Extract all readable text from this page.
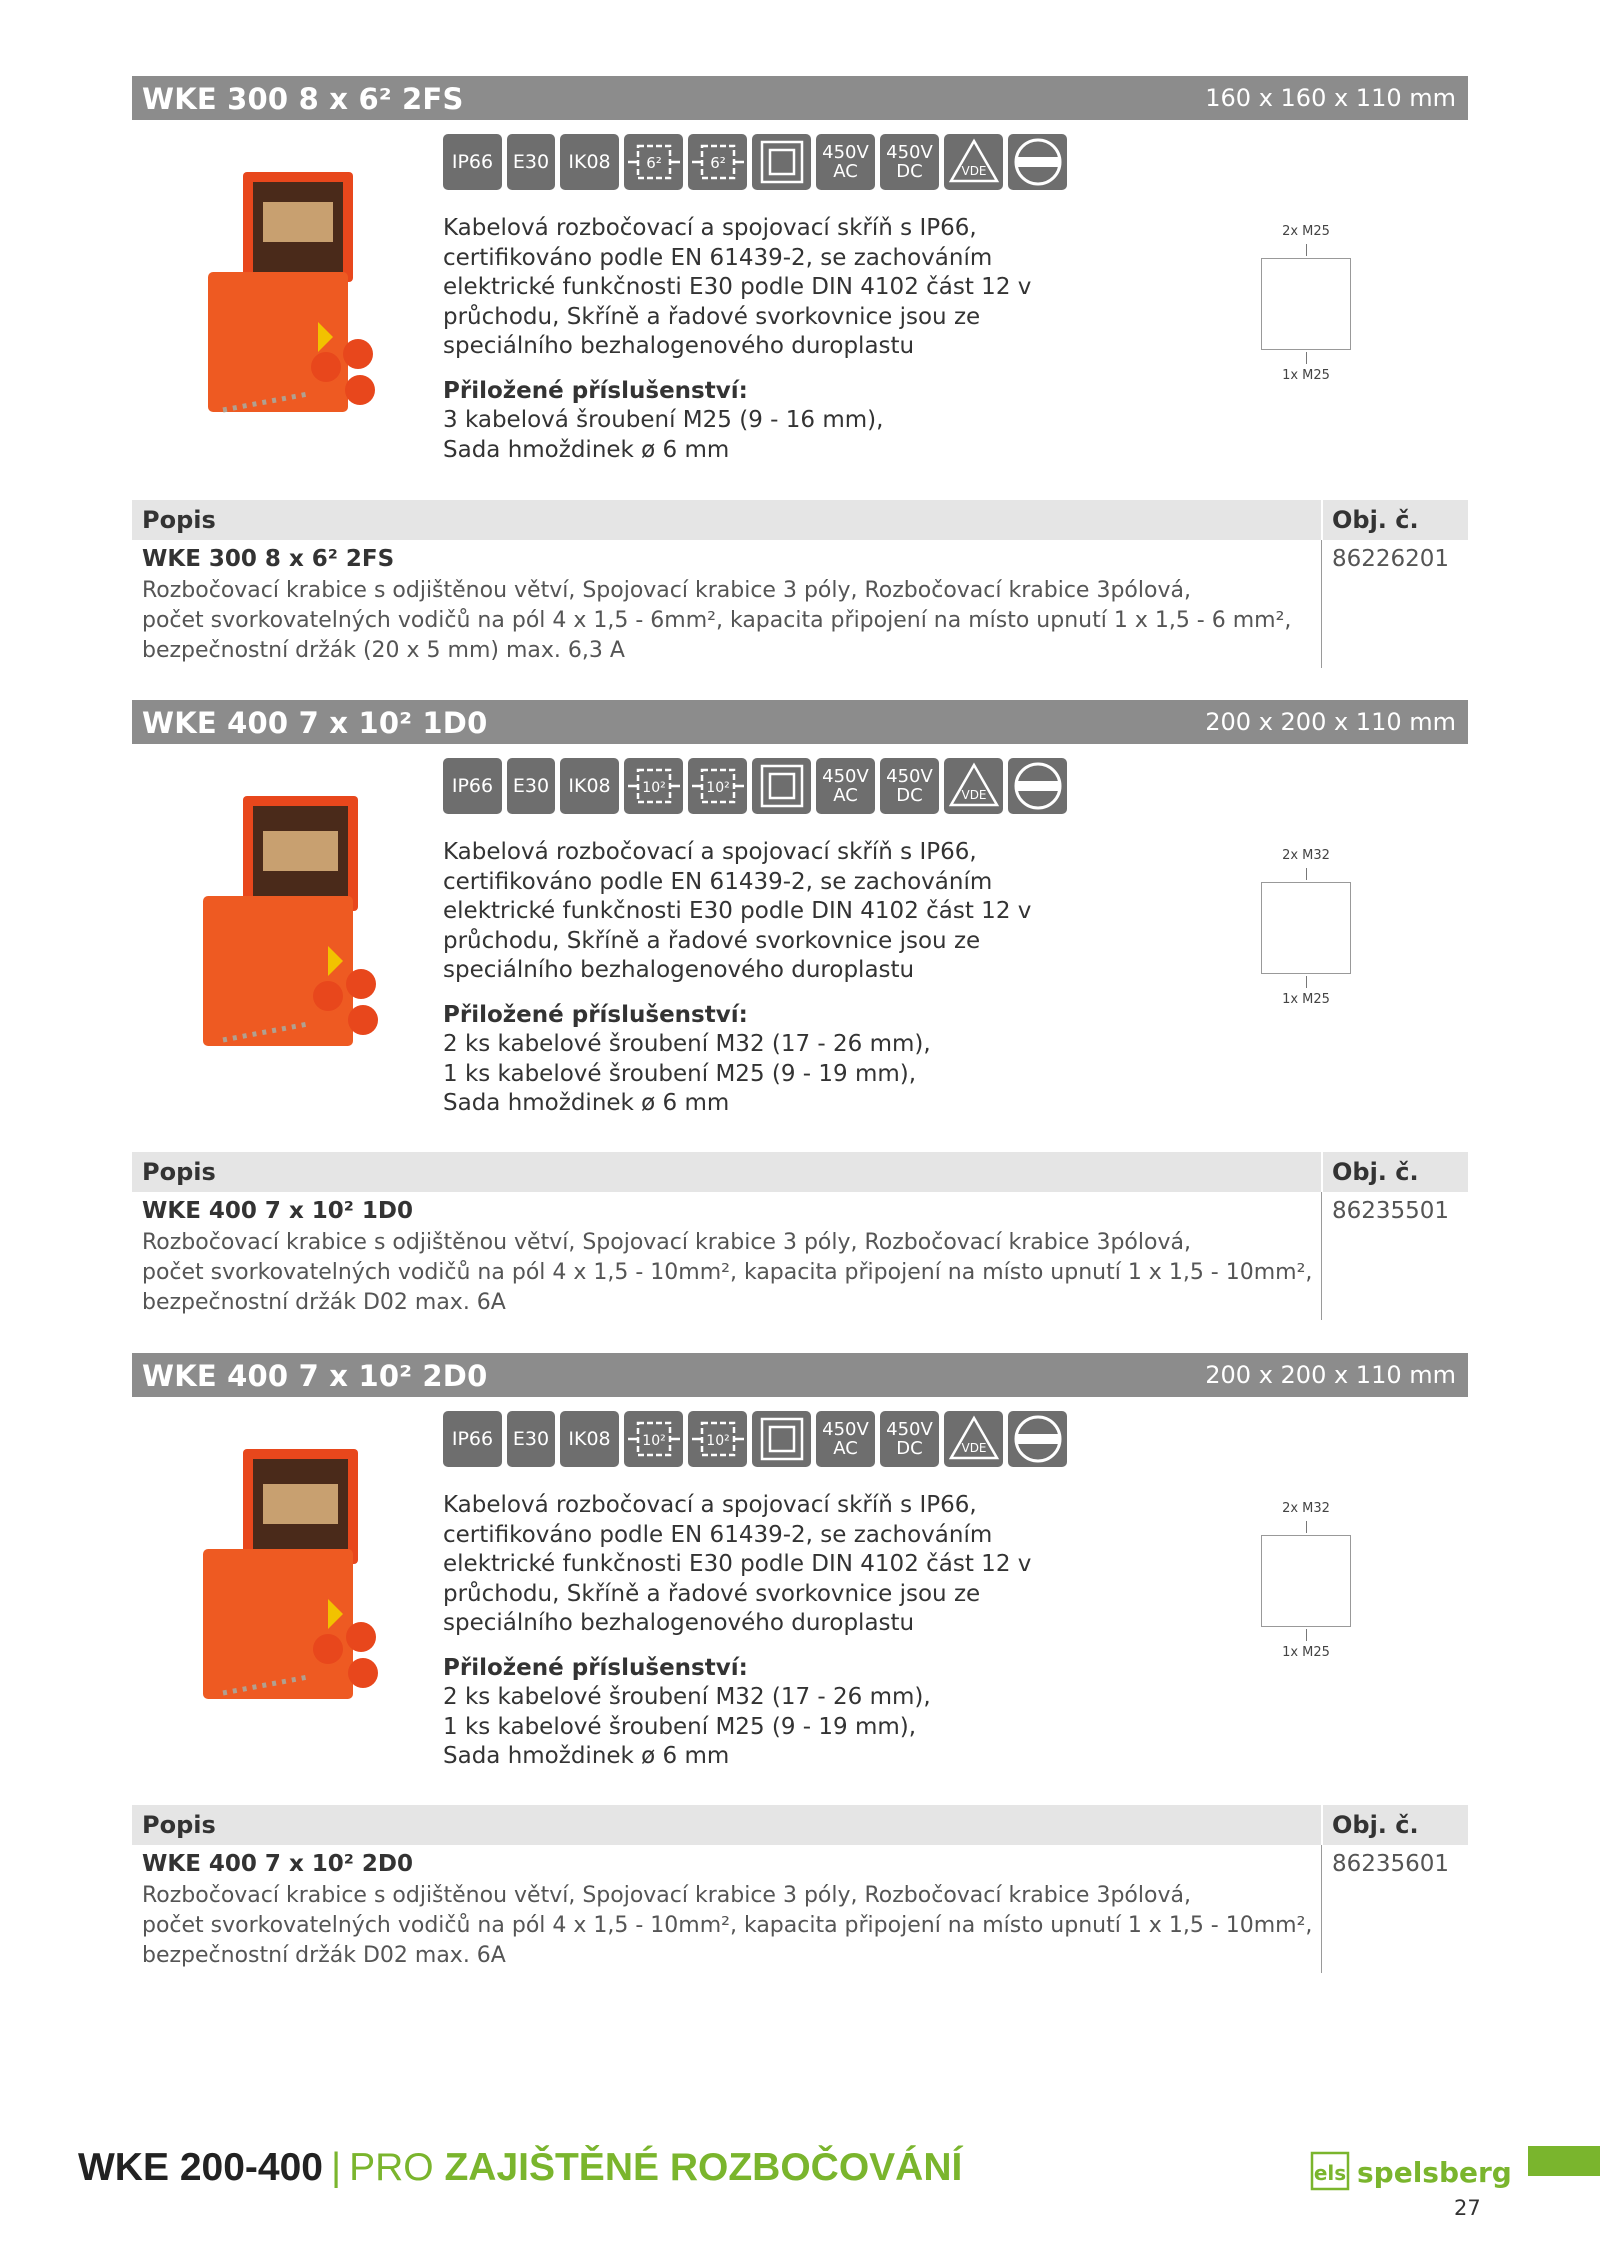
WKE 300 8 x 6² 2FS	160 x 160 x 110 mm
IP66	E30	IK08	6²	6²	450V
AC
450V
DC	VDE
Kabelová rozbočovací a spojovací skříň s IP66,
certifikováno podle EN 61439-2, se zachováním
elektrické funkčnosti E30 podle DIN 4102 část 12 v
průchodu, Skříně a řadové svorkovnice jsou ze
speciálního bezhalogenového duroplastu
Přiložené příslušenství:
3 kabelová šroubení M25 (9 - 16 mm),
Sada hmoždinek ø 6 mm
2x M25
1x M25
Popis	Obj. č.
WKE 300 8 x 6² 2FS
Rozbočovací krabice s odjištěnou větví, Spojovací krabice 3 póly, Rozbočovací krabice 3pólová,
počet svorkovatelných vodičů na pól 4 x 1,5 - 6mm², kapacita připojení na místo upnutí 1 x 1,5 - 6 mm²,
bezpečnostní držák (20 x 5 mm) max. 6,3 A
86226201
WKE 400 7 x 10² 1D0	200 x 200 x 110 mm
IP66	E30	IK08	10²	10²
450V
AC
450V
DC	VDE
Kabelová rozbočovací a spojovací skříň s IP66,
certifikováno podle EN 61439-2, se zachováním
elektrické funkčnosti E30 podle DIN 4102 část 12 v
průchodu, Skříně a řadové svorkovnice jsou ze
speciálního bezhalogenového duroplastu
Přiložené příslušenství:
2 ks kabelové šroubení M32 (17 - 26 mm),
1 ks kabelové šroubení M25 (9 - 19 mm),
Sada hmoždinek ø 6 mm
2x M32
1x M25
Popis	Obj. č.
WKE 400 7 x 10² 1D0
Rozbočovací krabice s odjištěnou větví, Spojovací krabice 3 póly, Rozbočovací krabice 3pólová,
počet svorkovatelných vodičů na pól 4 x 1,5 - 10mm², kapacita připojení na místo upnutí 1 x 1,5 - 10mm²,
bezpečnostní držák D02 max. 6A
86235501
WKE 400 7 x 10² 2D0	200 x 200 x 110 mm
IP66	E30	IK08	10²	10²
450V
AC
450V
DC	VDE
Kabelová rozbočovací a spojovací skříň s IP66,
certifikováno podle EN 61439-2, se zachováním
elektrické funkčnosti E30 podle DIN 4102 část 12 v
průchodu, Skříně a řadové svorkovnice jsou ze
speciálního bezhalogenového duroplastu
Přiložené příslušenství:
2 ks kabelové šroubení M32 (17 - 26 mm),
1 ks kabelové šroubení M25 (9 - 19 mm),
Sada hmoždinek ø 6 mm
2x M32
1x M25
Popis	Obj. č.
WKE 400 7 x 10² 2D0
Rozbočovací krabice s odjištěnou větví, Spojovací krabice 3 póly, Rozbočovací krabice 3pólová,
počet svorkovatelných vodičů na pól 4 x 1,5 - 10mm², kapacita připojení na místo upnutí 1 x 1,5 - 10mm²,
bezpečnostní držák D02 max. 6A
86235601
WKE 200-400 | PRO ZAJIŠTĚNÉ ROZBOČOVÁNÍ	els spelsberg
27
